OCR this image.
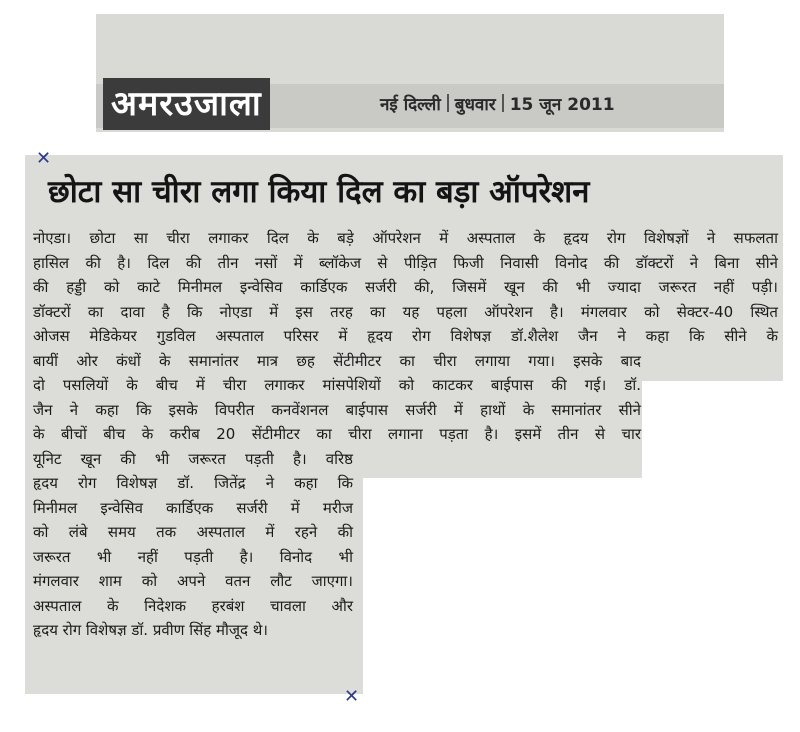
अमरउजाला	नई दिल्ली बुधवार 15 जून 2011
✕
✕
छोटा सा चीरा लगा किया दिल का बड़ा ऑपरेशन
नोएडा। छोटा सा चीरा लगाकर दिल के बड़े ऑपरेशन में अस्पताल के हृदय रोग विशेषज्ञों ने सफलता
हासिल की है। दिल की तीन नसों में ब्लॉकेज से पीड़ित फिजी निवासी विनोद की डॉक्टरों ने बिना सीने
की हड्डी को काटे मिनीमल इन्वेसिव कार्डिएक सर्जरी की, जिसमें खून की भी ज्यादा जरूरत नहीं पड़ी।
डॉक्टरों का दावा है कि नोएडा में इस तरह का यह पहला ऑपरेशन है। मंगलवार को सेक्टर-40 स्थित
ओजस मेडिकेयर गुडविल अस्पताल परिसर में हृदय रोग विशेषज्ञ डॉ.शैलेश जैन ने कहा कि सीने के
बायीं ओर कंधों के समानांतर मात्र छह सेंटीमीटर का चीरा लगाया गया। इसके बाद
दो पसलियों के बीच में चीरा लगाकर मांसपेशियों को काटकर बाईपास की गई। डॉ.
जैन ने कहा कि इसके विपरीत कनवेंशनल बाईपास सर्जरी में हाथों के समानांतर सीने
के बीचों बीच के करीब 20 सेंटीमीटर का चीरा लगाना पड़ता है। इसमें तीन से चार
यूनिट खून की भी जरूरत पड़ती है। वरिष्ठ
हृदय रोग विशेषज्ञ डॉ. जितेंद्र ने कहा कि
मिनीमल इन्वेसिव कार्डिएक सर्जरी में मरीज
को लंबे समय तक अस्पताल में रहने की
जरूरत भी नहीं पड़ती है। विनोद भी
मंगलवार शाम को अपने वतन लौट जाएगा।
अस्पताल के निदेशक हरबंश चावला और
हृदय रोग विशेषज्ञ डॉ. प्रवीण सिंह मौजूद थे।
